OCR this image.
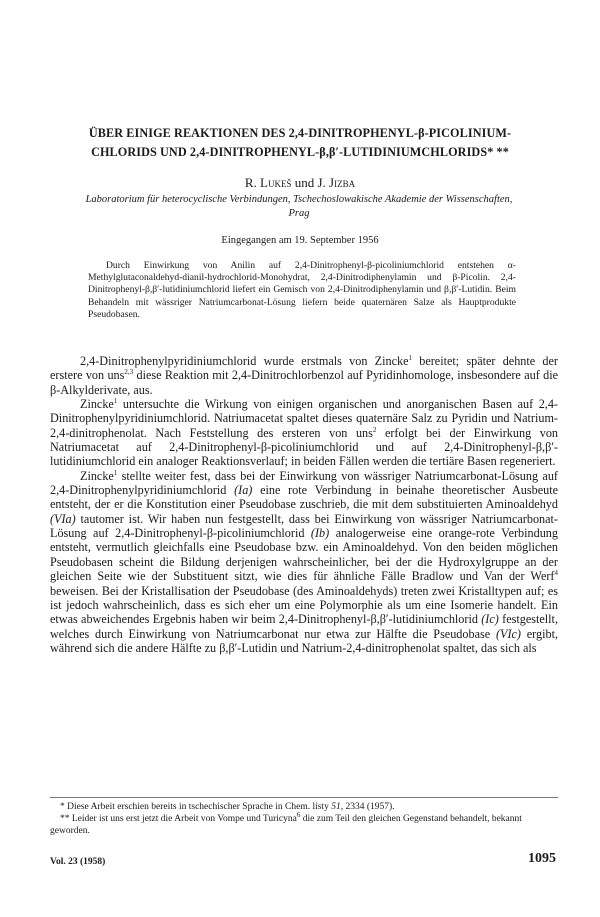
ÜBER EINIGE REAKTIONEN DES 2,4-DINITROPHENYL-β-PICOLINIUM-
CHLORIDS UND 2,4-DINITROPHENYL-β,β′-LUTIDINIUMCHLORIDS* **
R. Lukeš und J. Jizba
Laboratorium für heterocyclische Verbindungen, Tschechoslowakische Akademie der Wissenschaften,
Prag
Eingegangen am 19. September 1956
Durch Einwirkung von Anilin auf 2,4-Dinitrophenyl-β-picoliniumchlorid entstehen α-Methylglutaconaldehyd-dianil-hydrochlorid-Monohydrat, 2,4-Dinitrodiphenylamin und β-Picolin. 2,4-Dinitrophenyl-β,β′-lutidiniumchlorid liefert ein Gemisch von 2,4-Dinitrodiphenylamin und β,β′-Lutidin. Beim Behandeln mit wässriger Natriumcarbonat-Lösung liefern beide quaternären Salze als Hauptprodukte Pseudobasen.

2,4-Dinitrophenylpyridiniumchlorid wurde erstmals von Zincke$^1$ bereitet; später dehnte der erstere von uns$^{2,3}$ diese Reaktion mit 2,4-Dinitrochlorbenzol auf Pyridinhomologe, insbesondere auf die β-Alkylderivate, aus.

Zincke$^1$ untersuchte die Wirkung von einigen organischen und anorganischen Basen auf 2,4-Dinitrophenylpyridiniumchlorid. Natriumacetat spaltet dieses quaternäre Salz zu Pyridin und Natrium-2,4-dinitrophenolat. Nach Feststellung des ersteren von uns$^2$ erfolgt bei der Einwirkung von Natriumacetat auf 2,4-Dinitrophenyl-β-picoliniumchlorid und auf 2,4-Dinitrophenyl-β,β′-lutidiniumchlorid ein analoger Reaktionsverlauf; in beiden Fällen werden die tertiäre Basen regeneriert.

Zincke$^1$ stellte weiter fest, dass bei der Einwirkung von wässriger Natriumcarbonat-Lösung auf 2,4-Dinitrophenylpyridiniumchlorid (Ia) eine rote Verbindung in beinahe theoretischer Ausbeute entsteht, der er die Konstitution einer Pseudobase zuschrieb, die mit dem substituierten Aminoaldehyd (VIa) tautomer ist. Wir haben nun festgestellt, dass bei Einwirkung von wässriger Natriumcarbonat-Lösung auf 2,4-Dinitrophenyl-β-picoliniumchlorid (Ib) analogerweise eine orange-rote Verbindung entsteht, vermutlich gleichfalls eine Pseudobase bzw. ein Aminoaldehyd. Von den beiden möglichen Pseudobasen scheint die Bildung derjenigen wahrscheinlicher, bei der die Hydroxylgruppe an der gleichen Seite wie der Substituent sitzt, wie dies für ähnliche Fälle Bradlow und Van der Werf$^4$ beweisen. Bei der Kristallisation der Pseudobase (des Aminoaldehyds) treten zwei Kristalltypen auf; es ist jedoch wahrscheinlich, dass es sich eher um eine Polymorphie als um eine Isomerie handelt. Ein etwas abweichendes Ergebnis haben wir beim 2,4-Dinitrophenyl-β,β′-lutidiniumchlorid (Ic) festgestellt, welches durch Einwirkung von Natriumcarbonat nur etwa zur Hälfte die Pseudobase (VIc) ergibt, während sich die andere Hälfte zu β,β′-Lutidin und Natrium-2,4-dinitrophenolat spaltet, das sich als

* Diese Arbeit erschien bereits in tschechischer Sprache in Chem. listy 51, 2334 (1957).
** Leider ist uns erst jetzt die Arbeit von Vompe und Turicyna$^6$ die zum Teil den gleichen Gegenstand behandelt, bekannt geworden.
Vol. 23 (1958)	1095
